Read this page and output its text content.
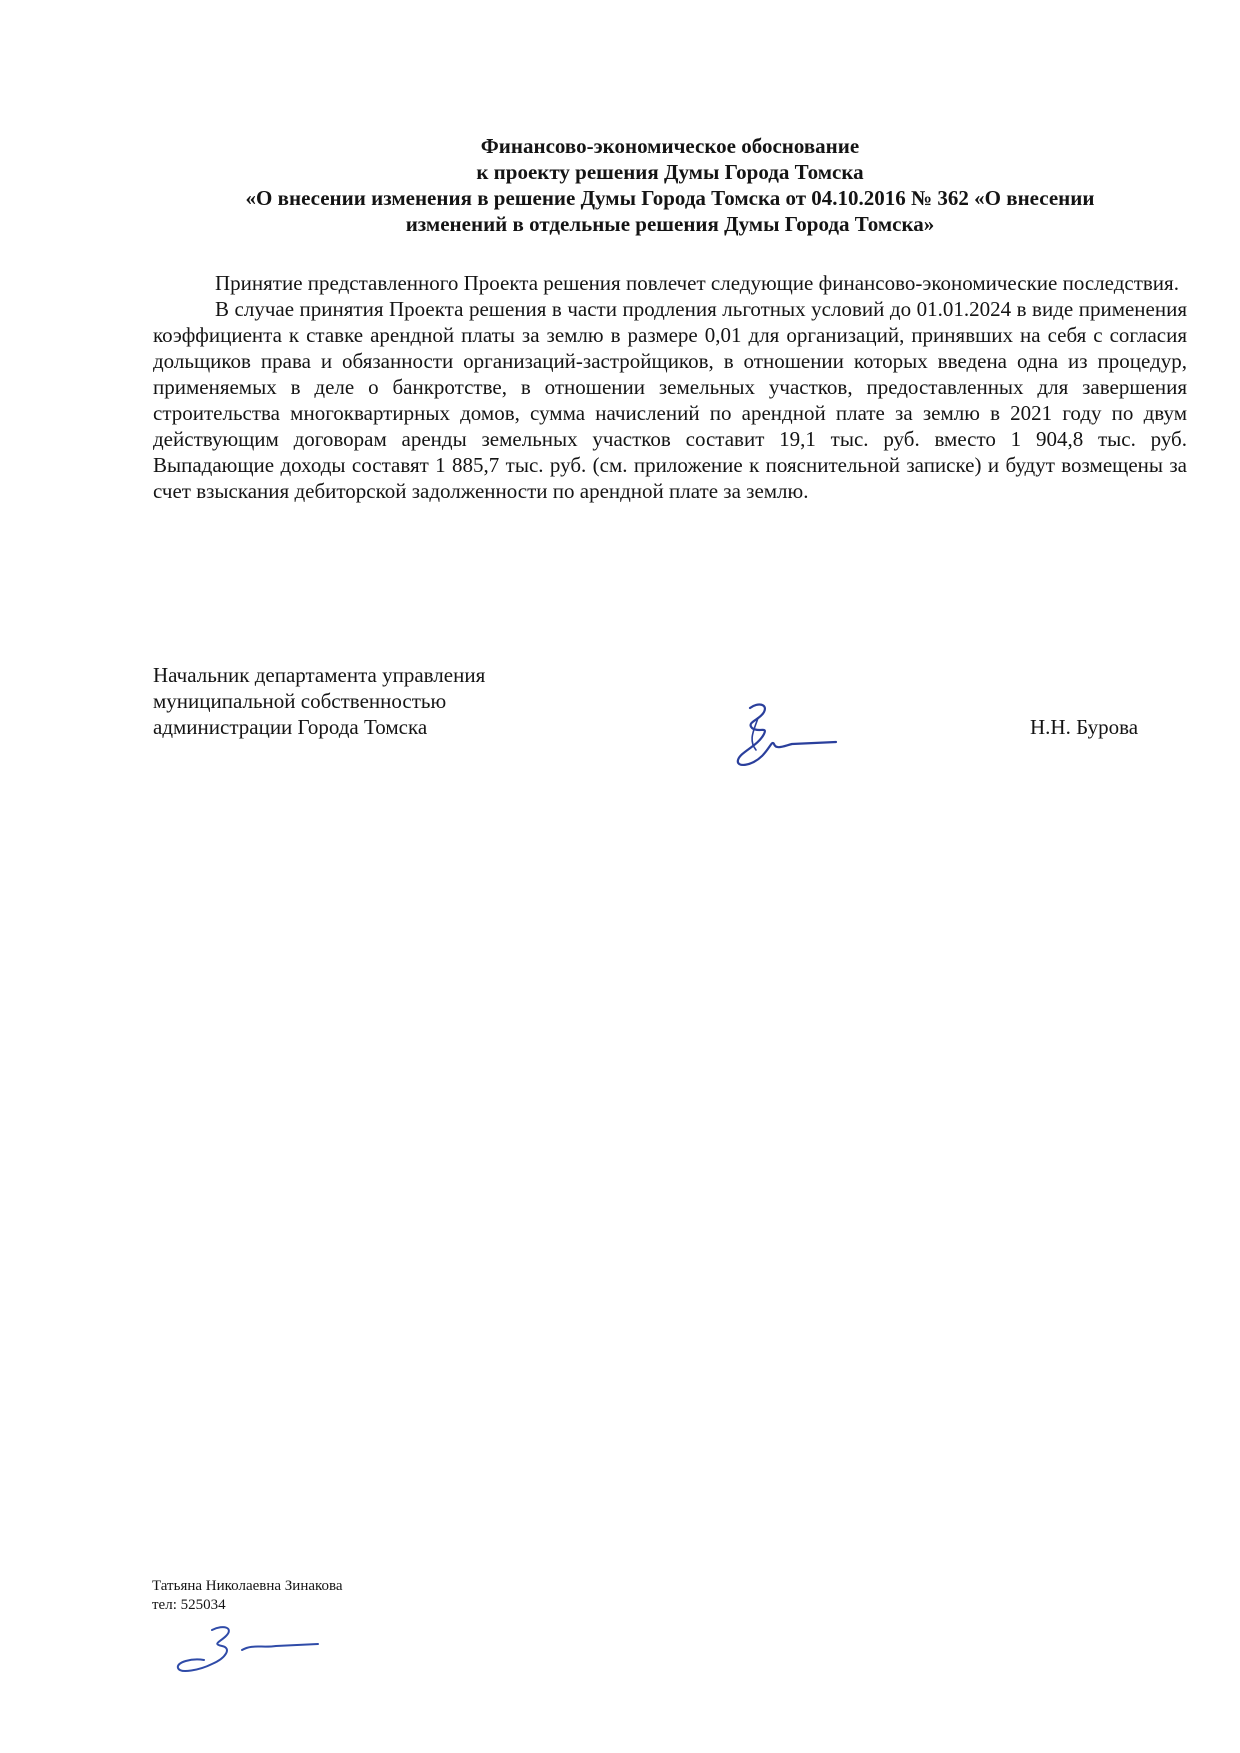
Финансово-экономическое обоснование
к проекту решения Думы Города Томска
«О внесении изменения в решение Думы Города Томска от 04.10.2016 № 362 «О внесении
изменений в отдельные решения Думы Города Томска»

Принятие представленного Проекта решения повлечет следующие финансово-экономические последствия.

В случае принятия Проекта решения в части продления льготных условий до 01.01.2024 в виде применения коэффициента к ставке арендной платы за землю в размере 0,01 для организаций, принявших на себя с согласия дольщиков права и обязанности организаций-застройщиков, в отношении которых введена одна из процедур, применяемых в деле о банкротстве, в отношении земельных участков, предоставленных для завершения строительства многоквартирных домов, сумма начислений по арендной плате за землю в 2021 году по двум действующим договорам аренды земельных участков составит 19,1 тыс. руб. вместо 1 904,8 тыс. руб. Выпадающие доходы составят 1 885,7 тыс. руб. (см. приложение к пояснительной записке) и будут возмещены за счет взыскания дебиторской задолженности по арендной плате за землю.

Начальник департамента управления
муниципальной собственностью
администрации Города Томска	Н.Н. Бурова
Татьяна Николаевна Зинакова
тел: 525034
